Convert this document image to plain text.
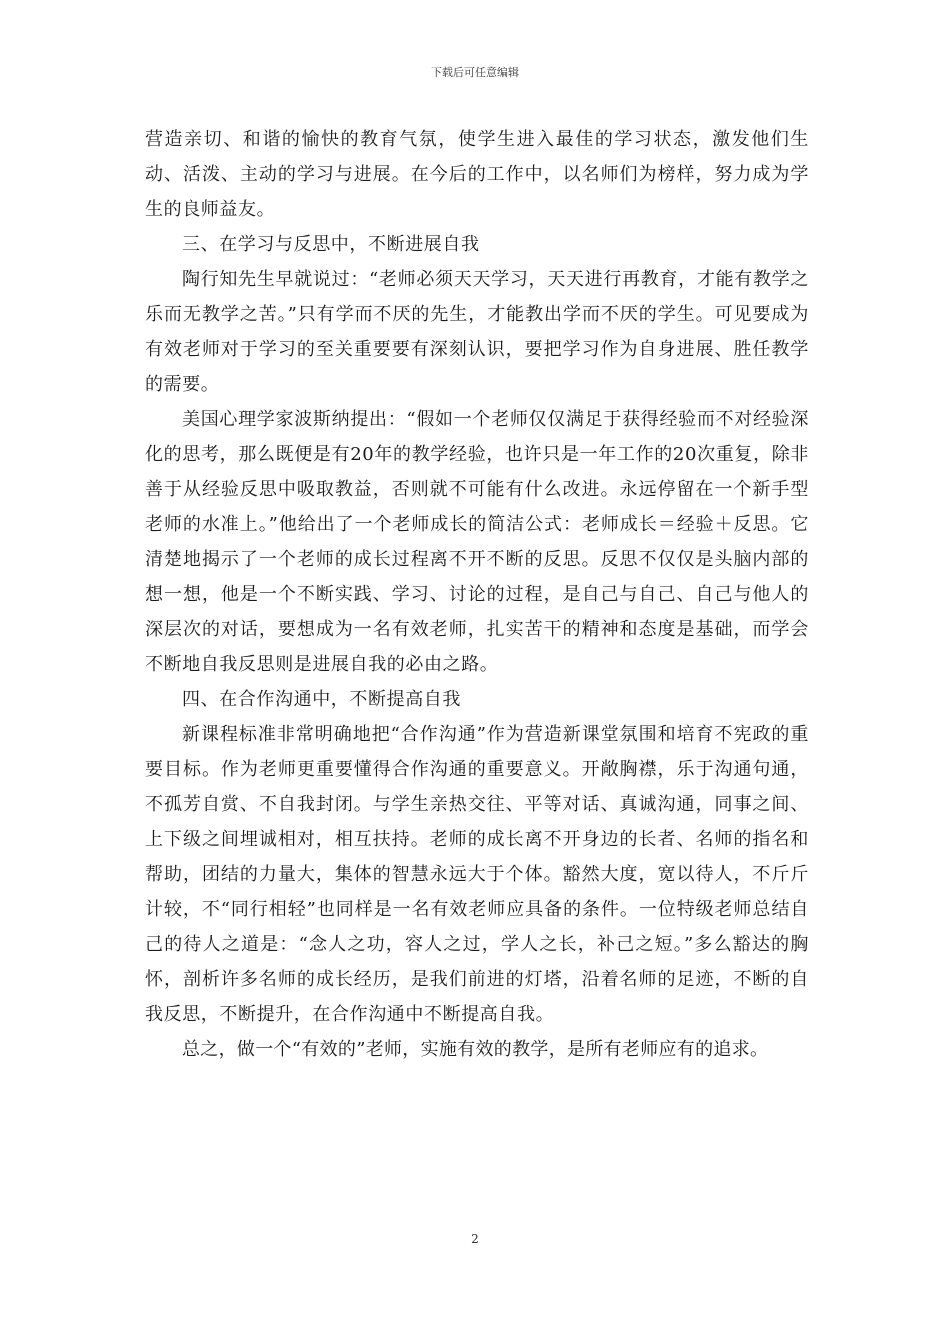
下载后可任意编辑

营造亲切、和谐的愉快的教育气氛，使学生进入最佳的学习状态，激发他们生动、活泼、主动的学习与进展。在今后的工作中，以名师们为榜样，努力成为学生的良师益友。

三、在学习与反思中，不断进展自我

陶行知先生早就说过：“老师必须天天学习，天天进行再教育，才能有教学之乐而无教学之苦。”只有学而不厌的先生，才能教出学而不厌的学生。可见要成为有效老师对于学习的至关重要要有深刻认识，要把学习作为自身进展、胜任教学的需要。

美国心理学家波斯纳提出：“假如一个老师仅仅满足于获得经验而不对经验深化的思考，那么既便是有20年的教学经验，也许只是一年工作的20次重复，除非善于从经验反思中吸取教益，否则就不可能有什么改进。永远停留在一个新手型老师的水准上。”他给出了一个老师成长的简洁公式：老师成长＝经验＋反思。它清楚地揭示了一个老师的成长过程离不开不断的反思。反思不仅仅是头脑内部的想一想，他是一个不断实践、学习、讨论的过程，是自己与自己、自己与他人的深层次的对话，要想成为一名有效老师，扎实苦干的精神和态度是基础，而学会不断地自我反思则是进展自我的必由之路。

四、在合作沟通中，不断提高自我

新课程标准非常明确地把“合作沟通”作为营造新课堂氛围和培育不宪政的重要目标。作为老师更重要懂得合作沟通的重要意义。开敞胸襟，乐于沟通句通，不孤芳自赏、不自我封闭。与学生亲热交往、平等对话、真诚沟通，同事之间、上下级之间埋诚相对，相互扶持。老师的成长离不开身边的长者、名师的指名和帮助，团结的力量大，集体的智慧永远大于个体。豁然大度，宽以待人，不斤斤计较，不“同行相轻”也同样是一名有效老师应具备的条件。一位特级老师总结自己的待人之道是：“念人之功，容人之过，学人之长，补己之短。”多么豁达的胸怀，剖析许多名师的成长经历，是我们前进的灯塔，沿着名师的足迹，不断的自我反思，不断提升，在合作沟通中不断提高自我。

总之，做一个“有效的”老师，实施有效的教学，是所有老师应有的追求。

2
